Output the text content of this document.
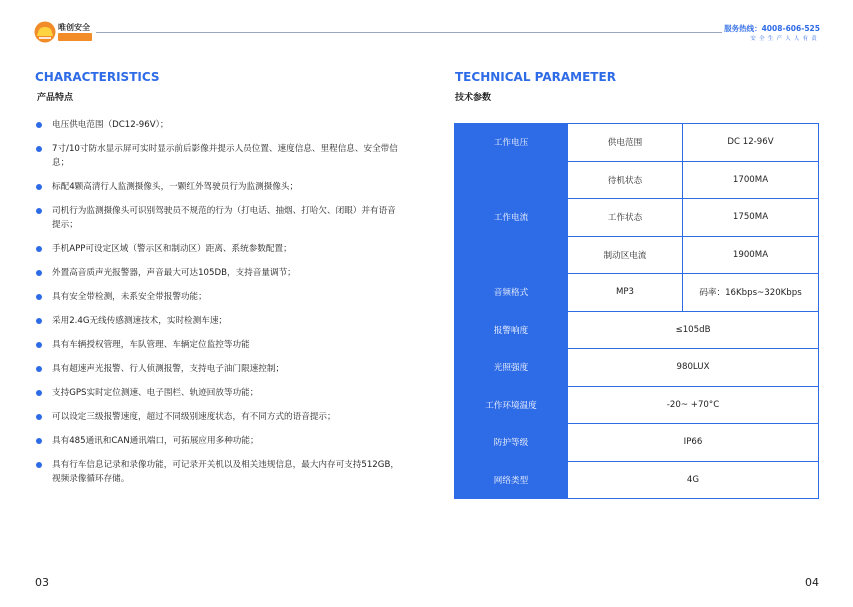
唯创安全	服务热线：4008-606-525
安全生产人人有责
CHARACTERISTICS
产品特点
电压供电范围（DC12-96V）；
7寸/10寸防水显示屏可实时显示前后影像并提示人员位置、速度信息、里程信息、安全带信息；
标配4颗高清行人监测摄像头，一颗红外驾驶员行为监测摄像头；
司机行为监测摄像头可识别驾驶员不规范的行为（打电话、抽烟、打哈欠、闭眼）并有语音提示；
手机APP可设定区域（警示区和制动区）距离、系统参数配置；
外置高音质声光报警器，声音最大可达105DB，支持音量调节；
具有安全带检测，未系安全带报警功能；
采用2.4G无线传感测速技术，实时检测车速；
具有车辆授权管理，车队管理、车辆定位监控等功能
具有超速声光报警、行人侦测报警，支持电子油门限速控制；
支持GPS实时定位测速、电子围栏、轨迹回放等功能；
可以设定三级报警速度，超过不同级别速度状态，有不同方式的语音提示；
具有485通讯和CAN通讯端口，可拓展应用多种功能；
具有行车信息记录和录像功能，可记录开关机以及相关违规信息，最大内存可支持512GB，视频录像循环存储。
TECHNICAL PARAMETER
技术参数
工作电压	供电范围	DC 12-96V
工作电流	待机状态	1700MA
	工作状态	1750MA
	制动区电流	1900MA
音频格式	MP3	码率：16Kbps~320Kbps
报警响度	≤105dB	
光照强度	980LUX	
工作环境温度	-20~ +70°C	
防护等级	IP66	
网络类型	4G	
03	04
